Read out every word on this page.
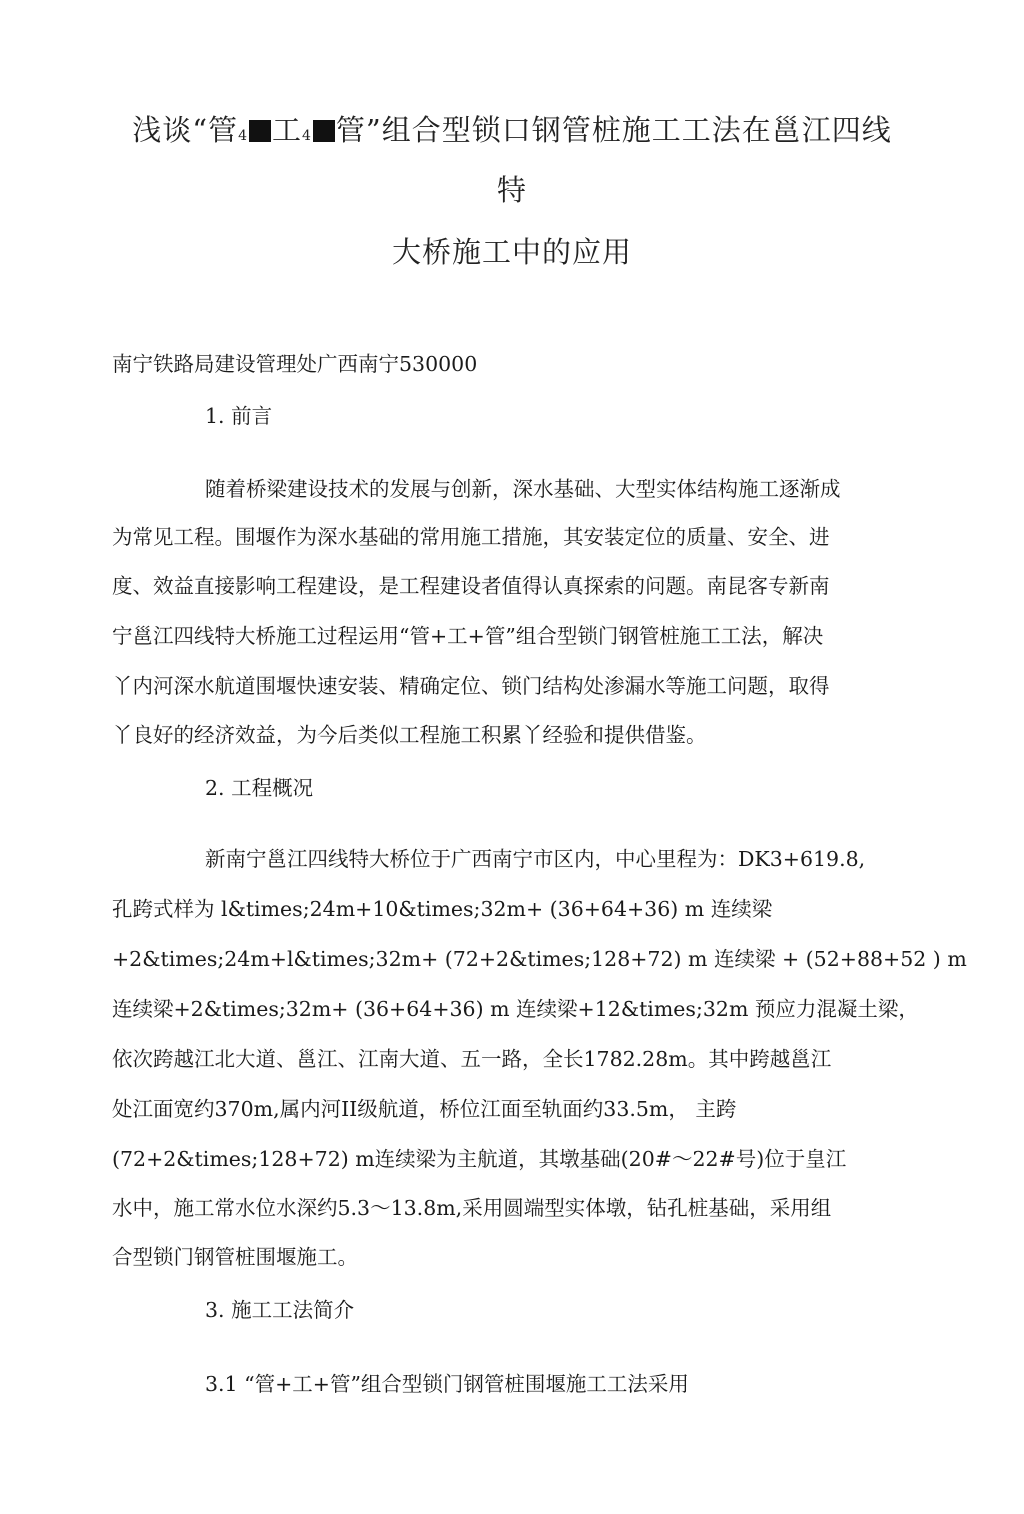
浅谈“管4 工4 管”组合型锁口钢管桩施工工法在邕江四线
特
大桥施工中的应用
南宁铁路局建设管理处广西南宁530000
1. 前言
随着桥梁建设技术的发展与创新，深水基础、大型实体结构施工逐渐成
为常见工程。围堰作为深水基础的常用施工措施，其安装定位的质量、安全、进
度、效益直接影响工程建设，是工程建设者值得认真探索的问题。南昆客专新南
宁邕江四线特大桥施工过程运用“管+工+管”组合型锁门钢管桩施工工法，解决
丫内河深水航道围堰快速安装、精确定位、锁门结构处渗漏水等施工问题，取得
丫良好的经济效益，为今后类似工程施工积累丫经验和提供借鉴。
2. 工程概况
新南宁邕江四线特大桥位于广西南宁市区内，中心里程为：DK3+619.8,
孔跨式样为 l&times;24m+10&times;32m+ (36+64+36) m 连续梁
+2&times;24m+l&times;32m+ (72+2&times;128+72) m 连续梁 + (52+88+52 ) m
连续梁+2&times;32m+ (36+64+36) m 连续梁+12&times;32m 预应力混凝土梁，
依次跨越江北大道、邕江、江南大道、五一路，全长1782.28m。其中跨越邕江
处江面宽约370m,属内河II级航道，桥位江面至轨面约33.5m， 主跨
(72+2&times;128+72) m连续梁为主航道，其墩基础(20#～22#号)位于皇江
水中，施工常水位水深约5.3～13.8m,采用圆端型实体墩，钻孔桩基础，采用组
合型锁门钢管桩围堰施工。
3. 施工工法简介
3.1 “管+工+管”组合型锁门钢管桩围堰施工工法采用
